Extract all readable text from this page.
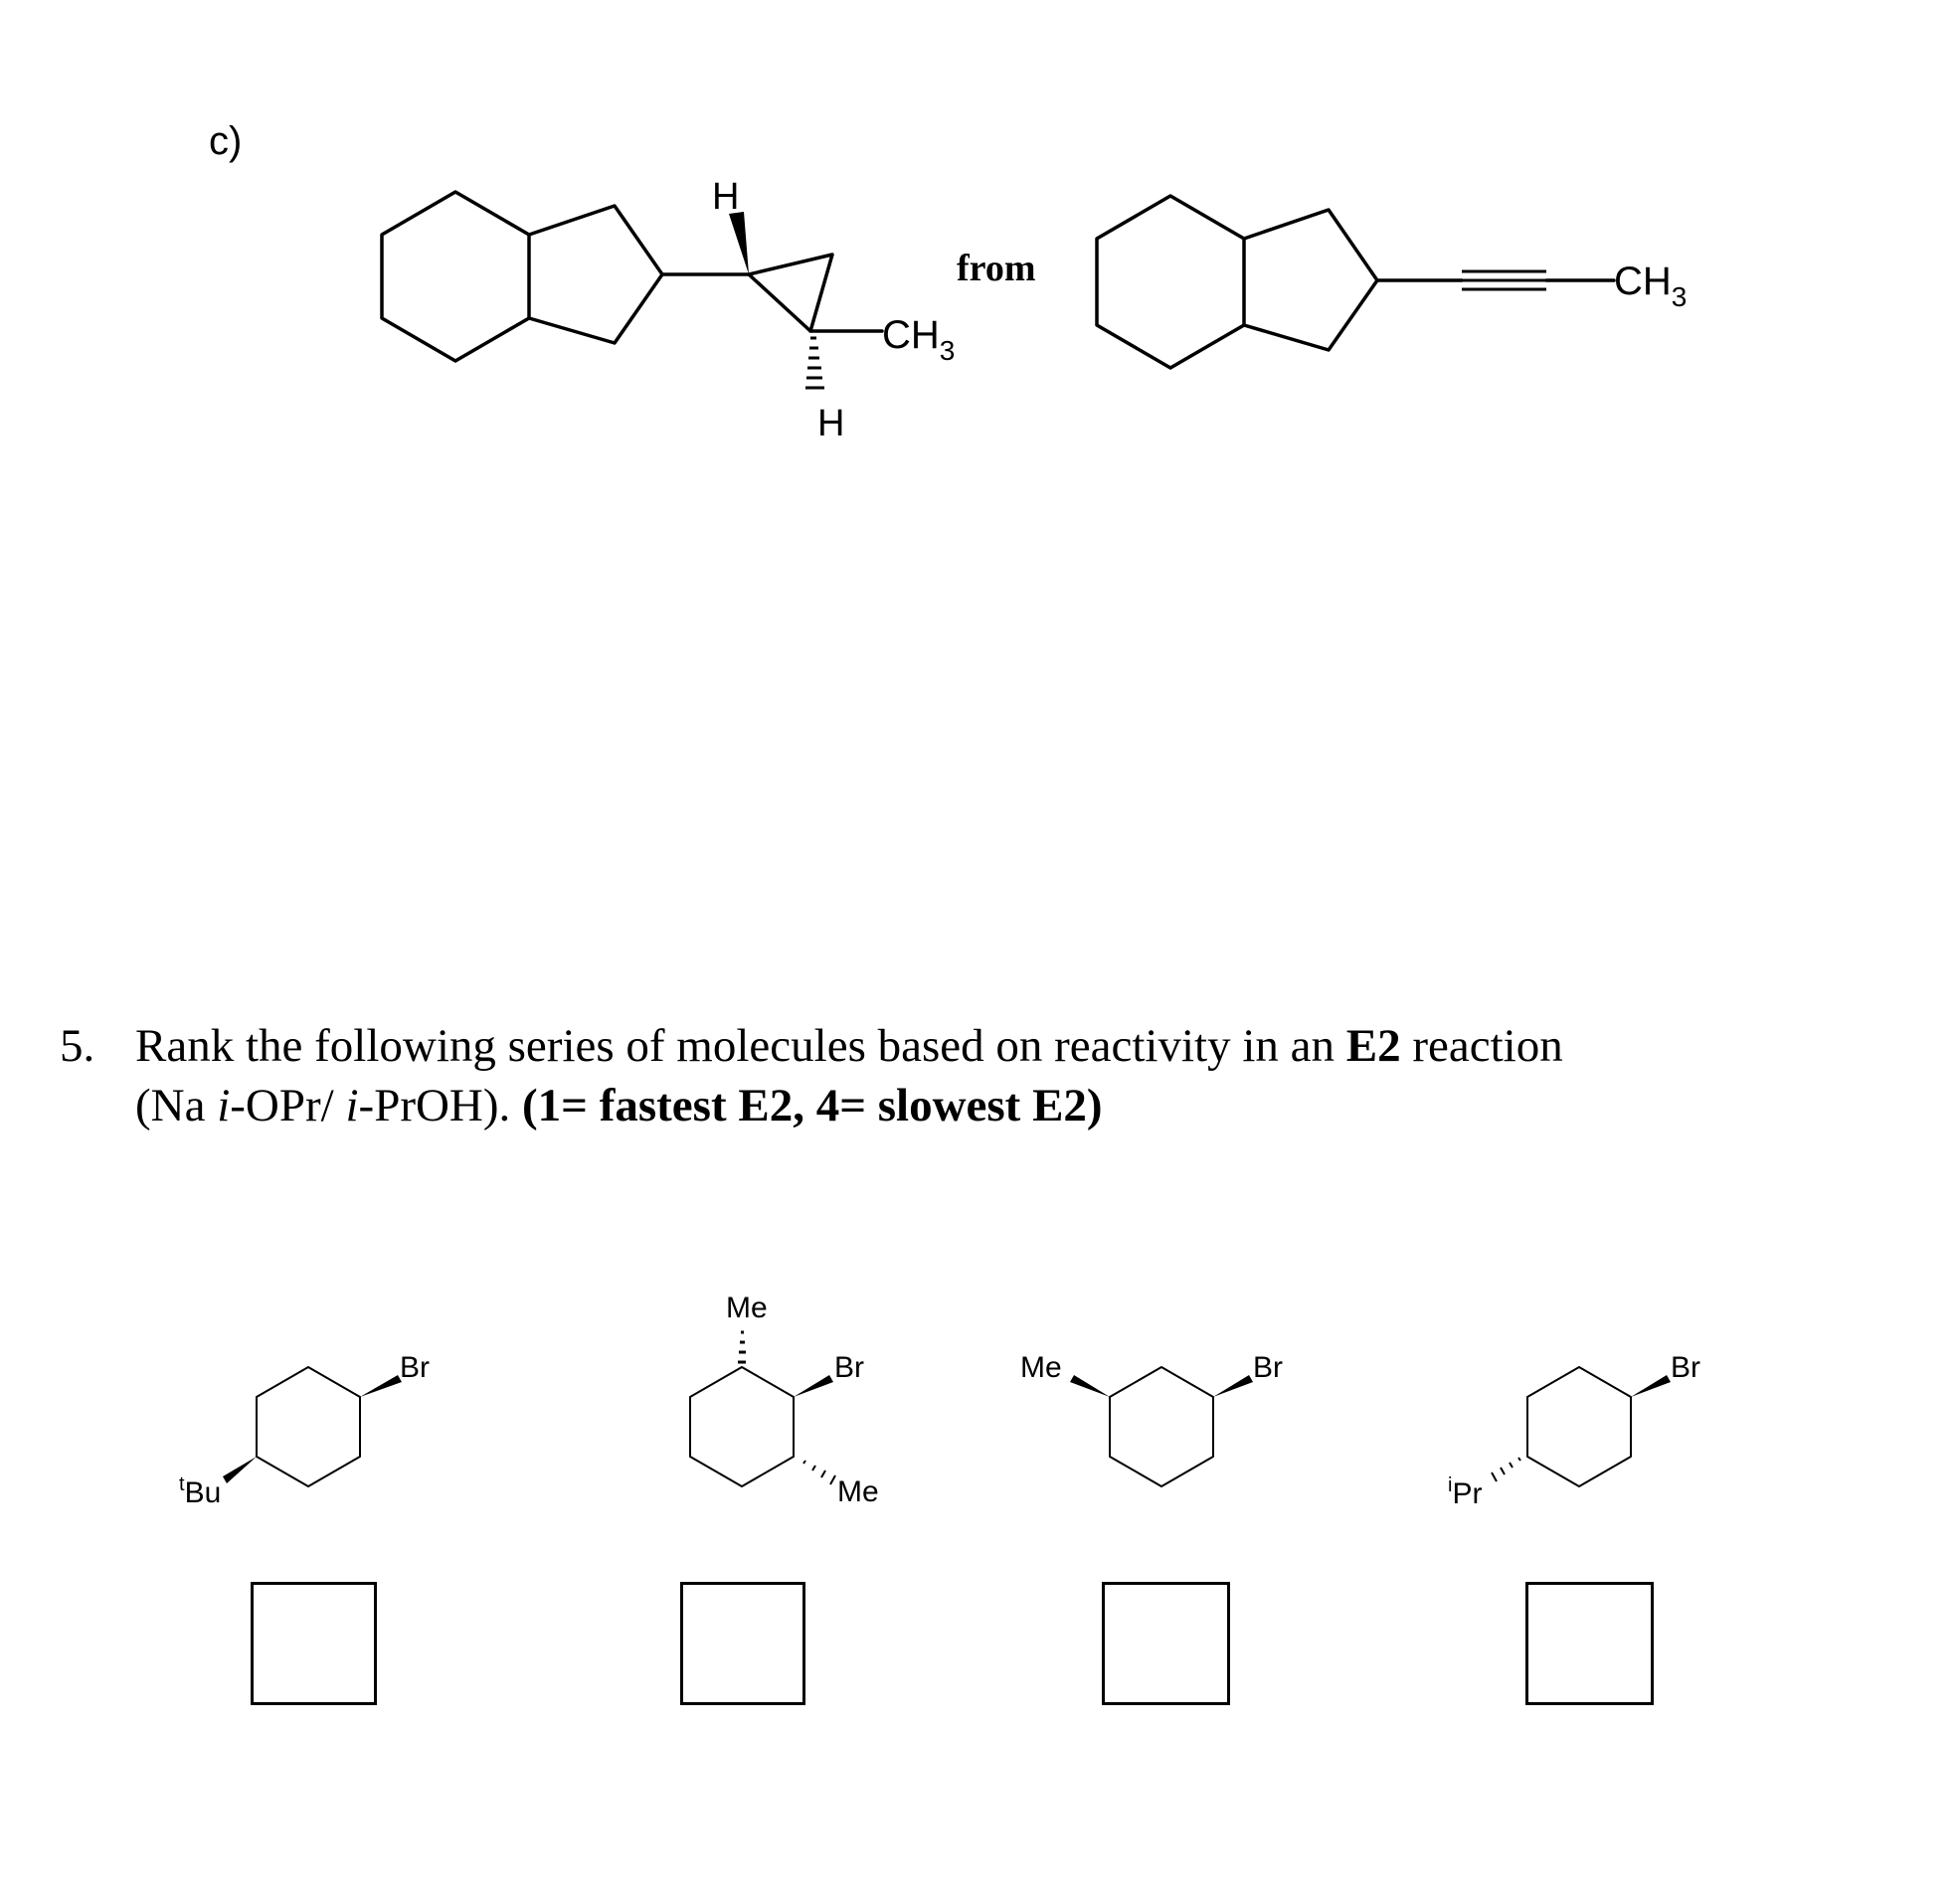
c)
H
H
$CH_3$
from	$CH_3$
Br
$^t$Bu
Me
Br
Me
Me	Br	Br
$^i$Pr
5. Rank the following series of molecules based on reactivity in an E2 reaction
(Na i-OPr/ i-PrOH). (1= fastest E2, 4= slowest E2)
